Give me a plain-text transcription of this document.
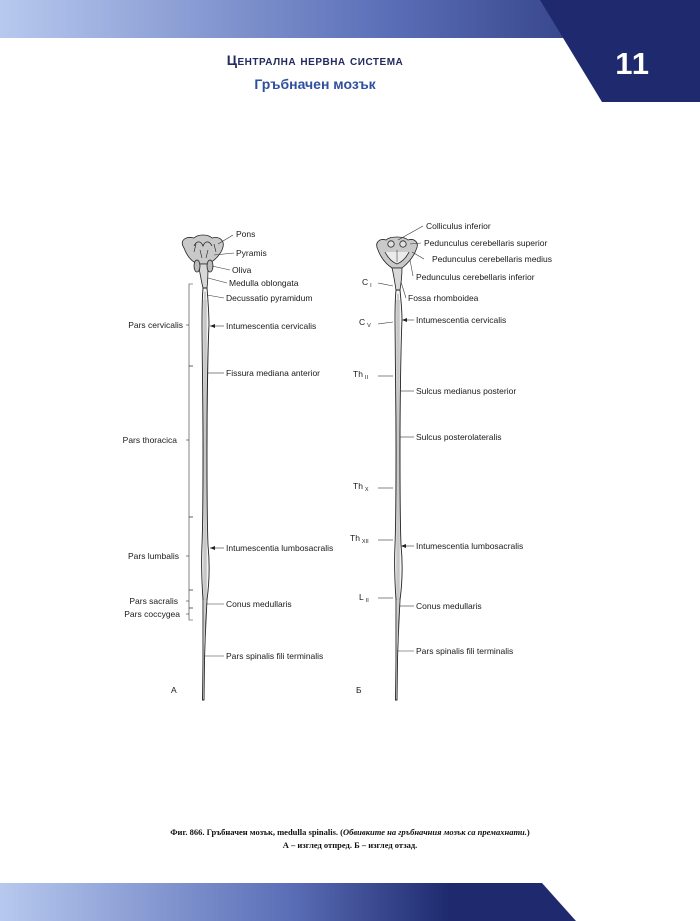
11
Централна нервна система
Гръбначен мозък
Pons
Pyramis
Oliva
Medulla oblongata
Decussatio pyramidum
Intumescentia cervicalis
Fissura mediana anterior
Intumescentia lumbosacralis
Conus medullaris
Pars spinalis fili terminalis
Pars cervicalis
Pars thoracica
Pars lumbalis
Pars sacralis
Pars coccygea
A
Colliculus inferior
Pedunculus cerebellaris superior
Pedunculus cerebellaris medius
Pedunculus cerebellaris inferior
Fossa rhomboidea
Intumescentia cervicalis
Sulcus medianus posterior
Sulcus posterolateralis
Intumescentia lumbosacralis
Conus medullaris
Pars spinalis fili terminalis
C $_I$
C $_V$
Th $_{II}$
Th $_X$
Th $_{XII}$
L $_{II}$
Б
Фиг. 866. Гръбначен мозък, medulla spinalis. (Обвивките на гръбначния мозък са премахнати.)
А – изглед отпред. Б – изглед отзад.
